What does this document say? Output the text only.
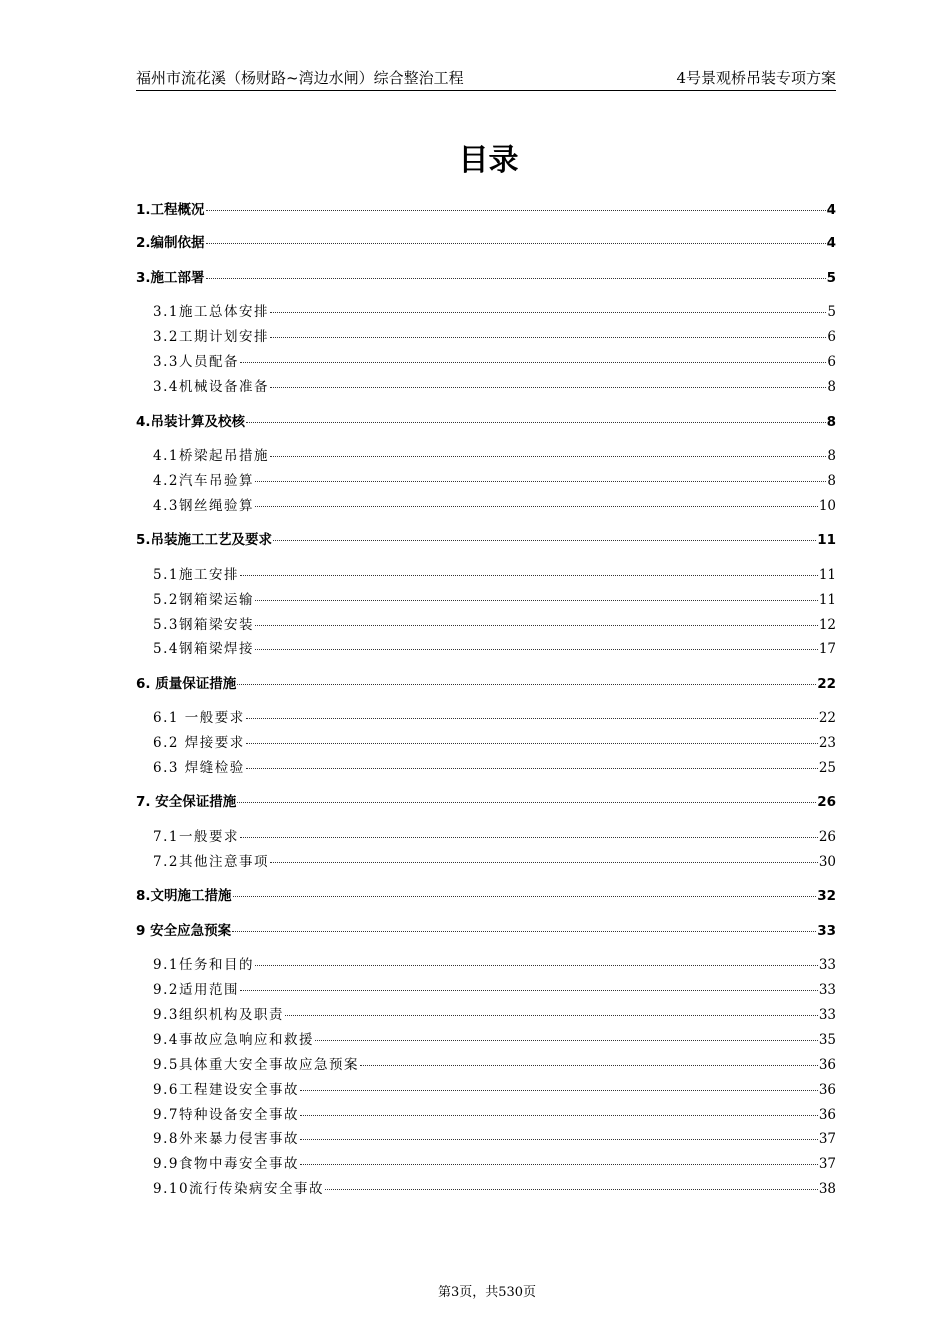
福州市流花溪（杨财路~湾边水闸）综合整治工程	4号景观桥吊装专项方案
目录
1.工程概况	4
2.编制依据	4
3.施工部署	5
3.1施工总体安排	5
3.2工期计划安排	6
3.3人员配备	6
3.4机械设备准备	8
4.吊装计算及校核	8
4.1桥梁起吊措施	8
4.2汽车吊验算	8
4.3钢丝绳验算	10
5.吊装施工工艺及要求	11
5.1施工安排	11
5.2钢箱梁运输	11
5.3钢箱梁安装	12
5.4钢箱梁焊接	17
6. 质量保证措施	22
6.1 一般要求	22
6.2 焊接要求	23
6.3 焊缝检验	25
7. 安全保证措施	26
7.1一般要求	26
7.2其他注意事项	30
8.文明施工措施	32
9 安全应急预案	33
9.1任务和目的	33
9.2适用范围	33
9.3组织机构及职责	33
9.4事故应急响应和救援	35
9.5具体重大安全事故应急预案	36
9.6工程建设安全事故	36
9.7特种设备安全事故	36
9.8外来暴力侵害事故	37
9.9食物中毒安全事故	37
9.10流行传染病安全事故	38
第3页，共530页
